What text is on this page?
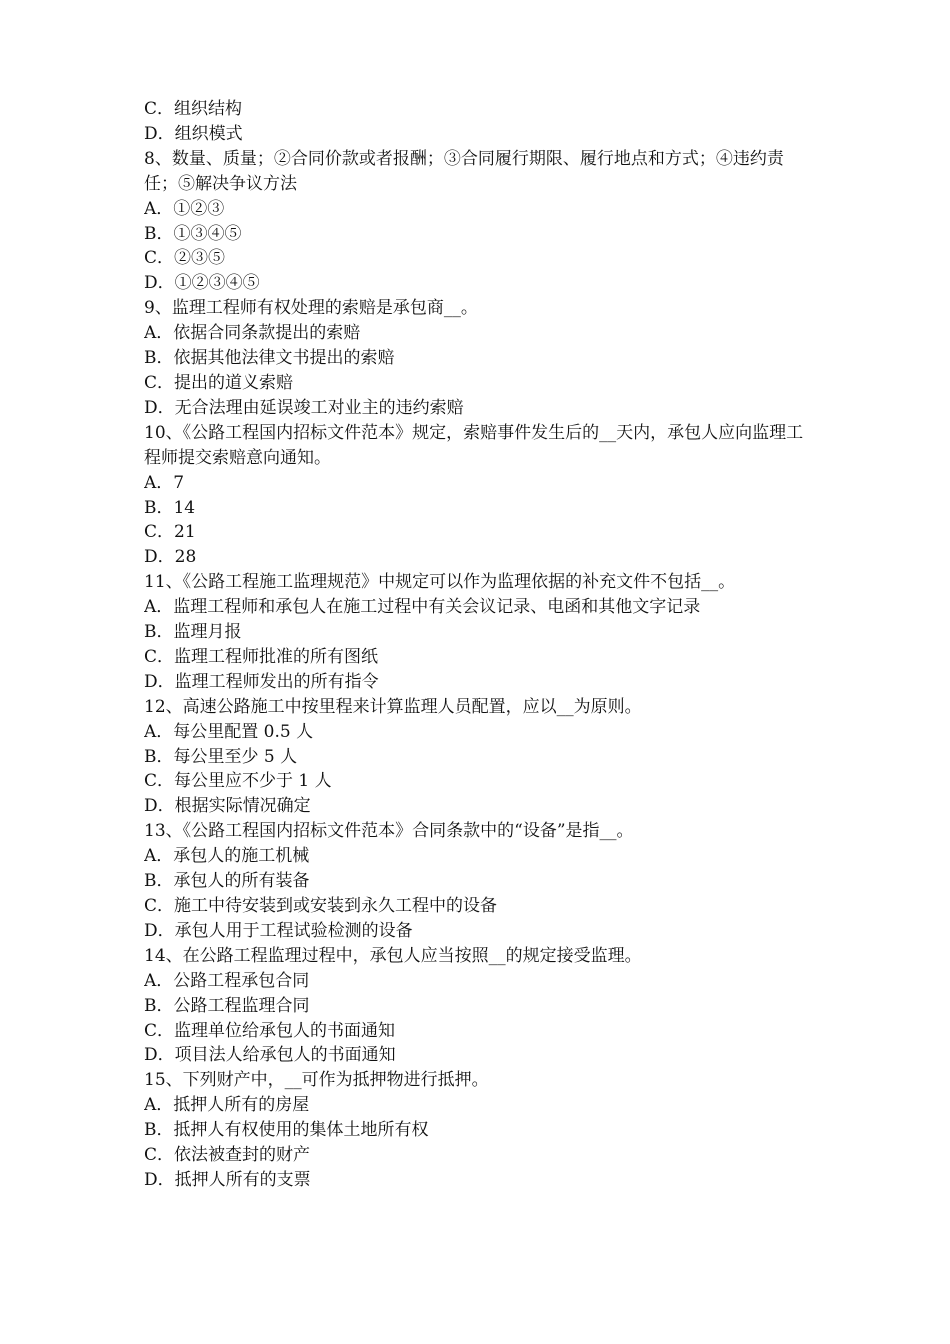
C．组织结构
D．组织模式
8、数量、质量；②合同价款或者报酬；③合同履行期限、履行地点和方式；④违约责任；⑤解决争议方法
A．①②③
B．①③④⑤
C．②③⑤
D．①②③④⑤
9、监理工程师有权处理的索赔是承包商__。
A．依据合同条款提出的索赔
B．依据其他法律文书提出的索赔
C．提出的道义索赔
D．无合法理由延误竣工对业主的违约索赔
10、《公路工程国内招标文件范本》规定，索赔事件发生后的__天内，承包人应向监理工程师提交索赔意向通知。
A．7
B．14
C．21
D．28
11、《公路工程施工监理规范》中规定可以作为监理依据的补充文件不包括__。
A．监理工程师和承包人在施工过程中有关会议记录、电函和其他文字记录
B．监理月报
C．监理工程师批准的所有图纸
D．监理工程师发出的所有指令
12、高速公路施工中按里程来计算监理人员配置，应以__为原则。
A．每公里配置 0.5 人
B．每公里至少 5 人
C．每公里应不少于 1 人
D．根据实际情况确定
13、《公路工程国内招标文件范本》合同条款中的“设备”是指__。
A．承包人的施工机械
B．承包人的所有装备
C．施工中待安装到或安装到永久工程中的设备
D．承包人用于工程试验检测的设备
14、在公路工程监理过程中，承包人应当按照__的规定接受监理。
A．公路工程承包合同
B．公路工程监理合同
C．监理单位给承包人的书面通知
D．项目法人给承包人的书面通知
15、下列财产中，__可作为抵押物进行抵押。
A．抵押人所有的房屋
B．抵押人有权使用的集体土地所有权
C．依法被查封的财产
D．抵押人所有的支票
